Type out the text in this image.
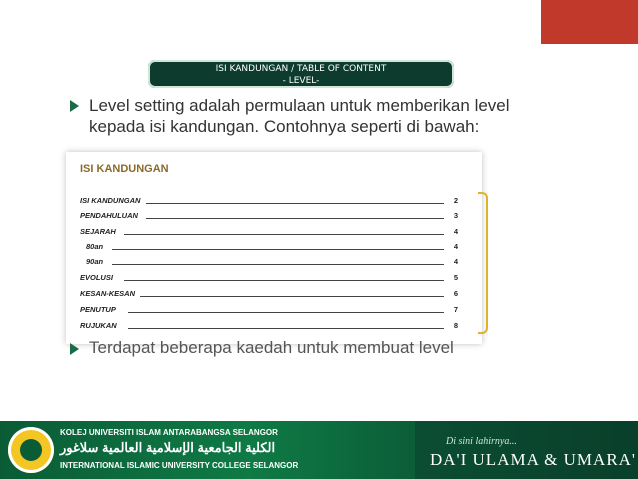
ISI KANDUNGAN / TABLE OF CONTENT
- LEVEL-
Level setting adalah permulaan untuk memberikan level kepada isi kandungan. Contohnya seperti di bawah:
ISI KANDUNGAN
ISI KANDUNGAN	2
PENDAHULUAN	3
SEJARAH	4
80an	4
90an	4
EVOLUSI	5
KESAN-KESAN	6
PENUTUP	7
RUJUKAN	8
Terdapat beberapa kaedah untuk membuat level
KOLEJ UNIVERSITI ISLAM ANTARABANGSA SELANGOR
الكلية الجامعية الإسلامية العالمية سلاغور
INTERNATIONAL ISLAMIC UNIVERSITY COLLEGE SELANGOR
Di sini lahirnya...
DA'I ULAMA & UMARA'
